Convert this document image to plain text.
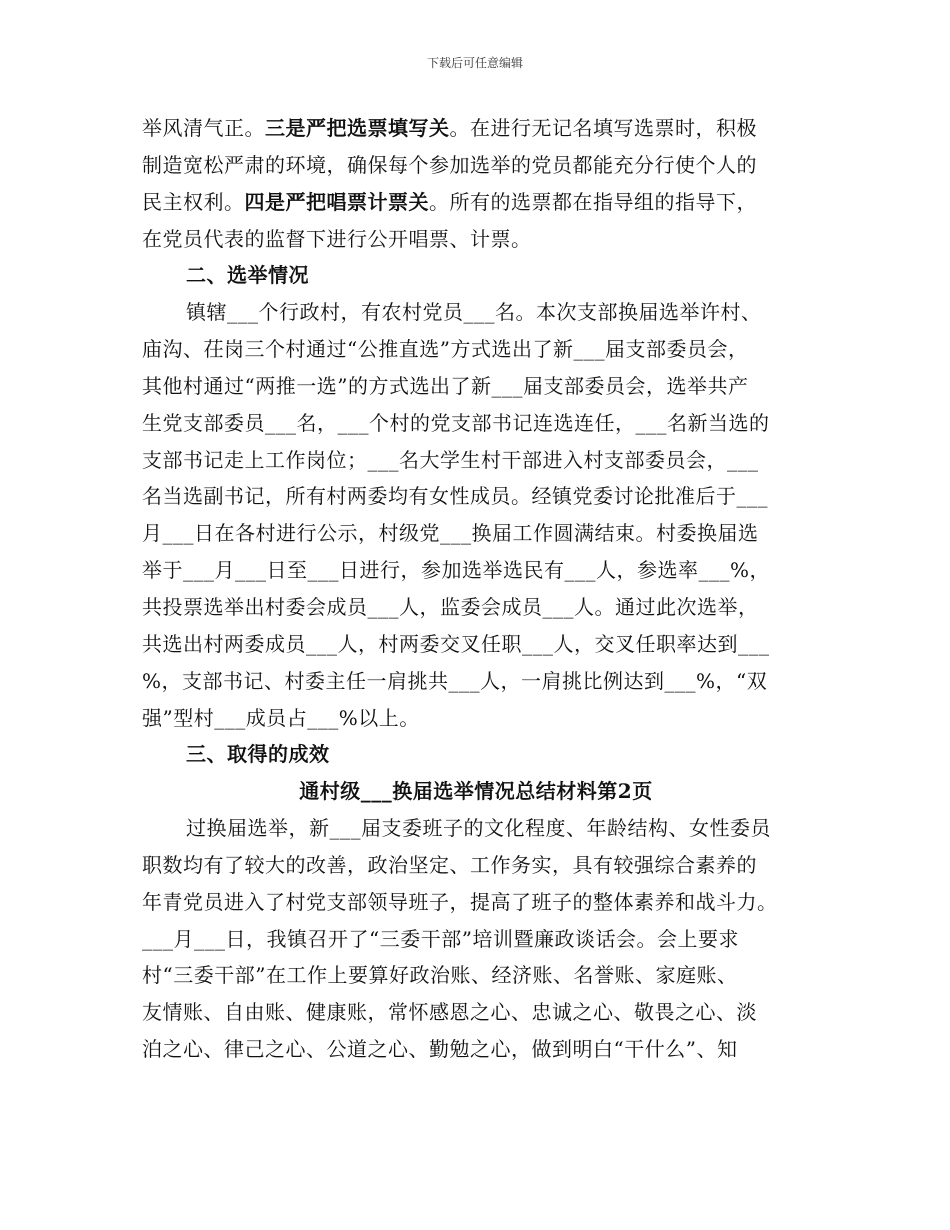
下载后可任意编辑
举风清气正。三是严把选票填写关。在进行无记名填写选票时，积极
制造宽松严肃的环境，确保每个参加选举的党员都能充分行使个人的
民主权利。四是严把唱票计票关。所有的选票都在指导组的指导下，
在党员代表的监督下进行公开唱票、计票。
二、选举情况
镇辖___个行政村，有农村党员___名。本次支部换届选举许村、
庙沟、茌岗三个村通过“公推直选”方式选出了新___届支部委员会，
其他村通过“两推一选”的方式选出了新___届支部委员会，选举共产
生党支部委员___名，___个村的党支部书记连选连任，___名新当选的
支部书记走上工作岗位；___名大学生村干部进入村支部委员会，___
名当选副书记，所有村两委均有女性成员。经镇党委讨论批准后于___
月___日在各村进行公示，村级党___换届工作圆满结束。村委换届选
举于___月___日至___日进行，参加选举选民有___人，参选率___%，
共投票选举出村委会成员___人，监委会成员___人。通过此次选举，
共选出村两委成员___人，村两委交叉任职___人，交叉任职率达到___
%，支部书记、村委主任一肩挑共___人，一肩挑比例达到___%，“双
强”型村___成员占___%以上。
三、取得的成效
通村级___换届选举情况总结材料第2页
过换届选举，新___届支委班子的文化程度、年龄结构、女性委员
职数均有了较大的改善，政治坚定、工作务实，具有较强综合素养的
年青党员进入了村党支部领导班子，提高了班子的整体素养和战斗力。
___月___日，我镇召开了“三委干部”培训暨廉政谈话会。会上要求
村“三委干部”在工作上要算好政治账、经济账、名誉账、家庭账、
友情账、自由账、健康账，常怀感恩之心、忠诚之心、敬畏之心、淡
泊之心、律己之心、公道之心、勤勉之心，做到明白“干什么”、知
